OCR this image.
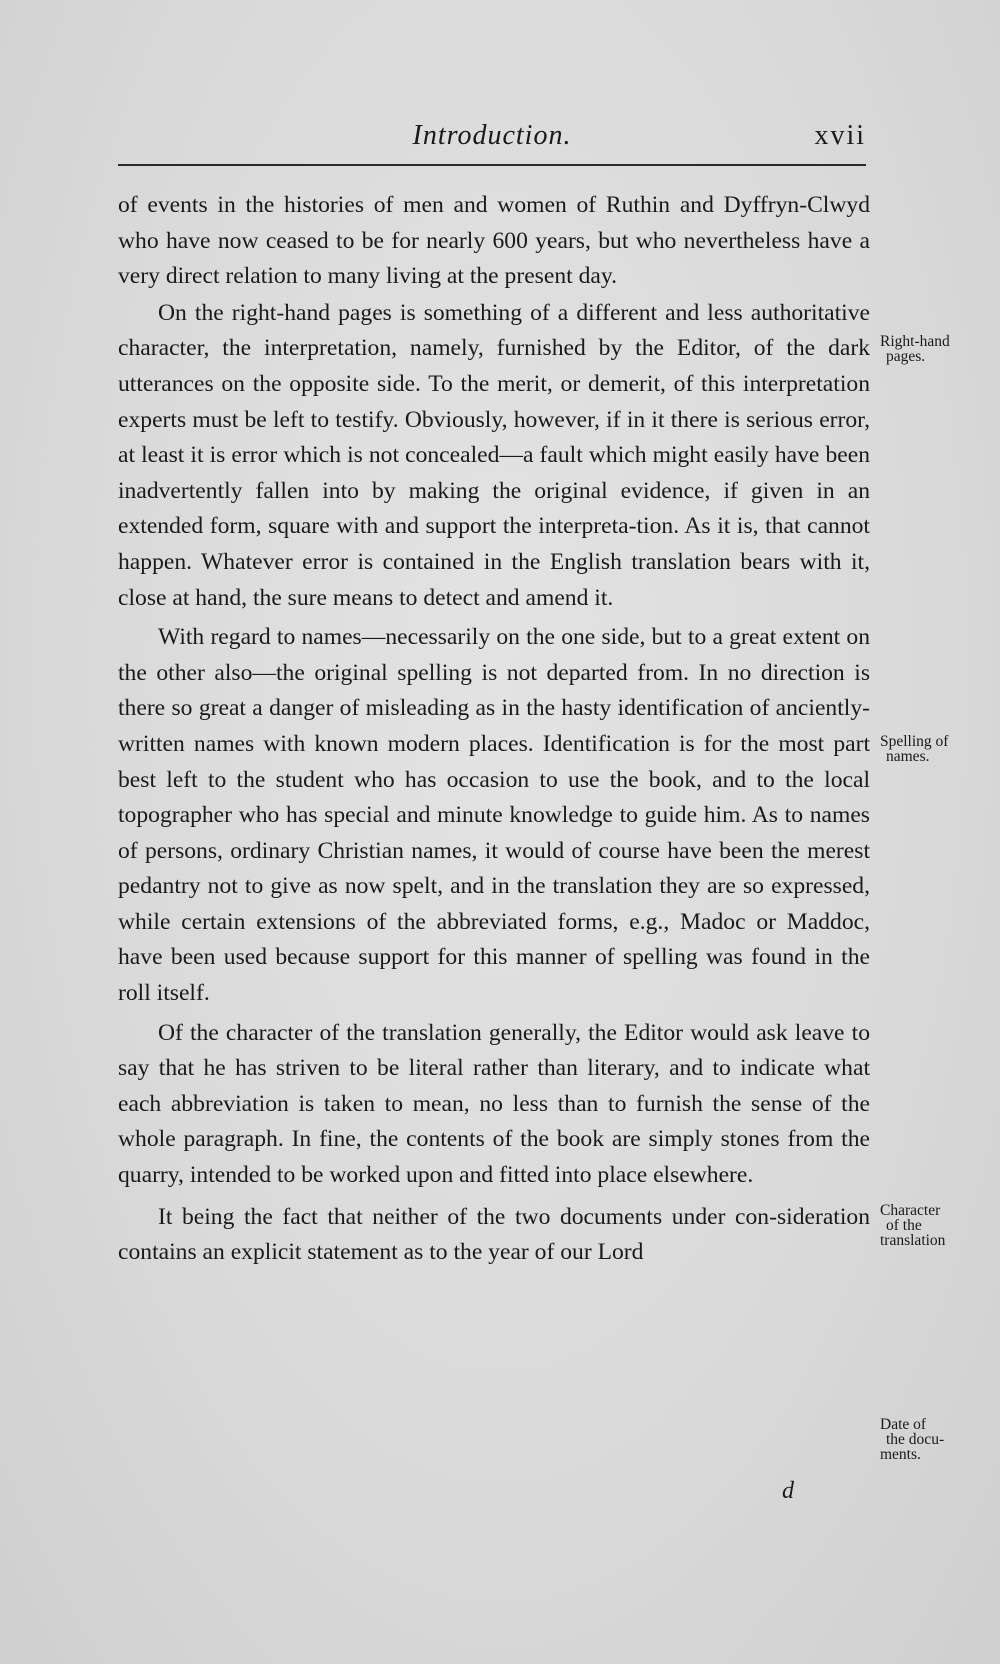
Introduction.	xvii

of events in the histories of men and women of Ruthin and Dyffryn-Clwyd who have now ceased to be for nearly 600 years, but who nevertheless have a very direct relation to many living at the present day.

On the right-hand pages is something of a different and less authoritative character, the interpretation, namely, furnished by the Editor, of the dark utterances on the opposite side. To the merit, or demerit, of this interpretation experts must be left to testify. Obviously, however, if in it there is serious error, at least it is error which is not concealed—a fault which might easily have been inadvertently fallen into by making the original evidence, if given in an extended form, square with and support the interpreta-tion. As it is, that cannot happen. Whatever error is contained in the English translation bears with it, close at hand, the sure means to detect and amend it.

With regard to names—necessarily on the one side, but to a great extent on the other also—the original spelling is not departed from. In no direction is there so great a danger of misleading as in the hasty identification of anciently-written names with known modern places. Identification is for the most part best left to the student who has occasion to use the book, and to the local topographer who has special and minute knowledge to guide him. As to names of persons, ordinary Christian names, it would of course have been the merest pedantry not to give as now spelt, and in the translation they are so expressed, while certain extensions of the abbreviated forms, e.g., Madoc or Maddoc, have been used because support for this manner of spelling was found in the roll itself.

Of the character of the translation generally, the Editor would ask leave to say that he has striven to be literal rather than literary, and to indicate what each abbreviation is taken to mean, no less than to furnish the sense of the whole paragraph. In fine, the contents of the book are simply stones from the quarry, intended to be worked upon and fitted into place elsewhere.

It being the fact that neither of the two documents under con-sideration contains an explicit statement as to the year of our Lord

Right-hand
pages.
Spelling of
names.
Character
of the
translation
Date of
the docu-
ments.
d
